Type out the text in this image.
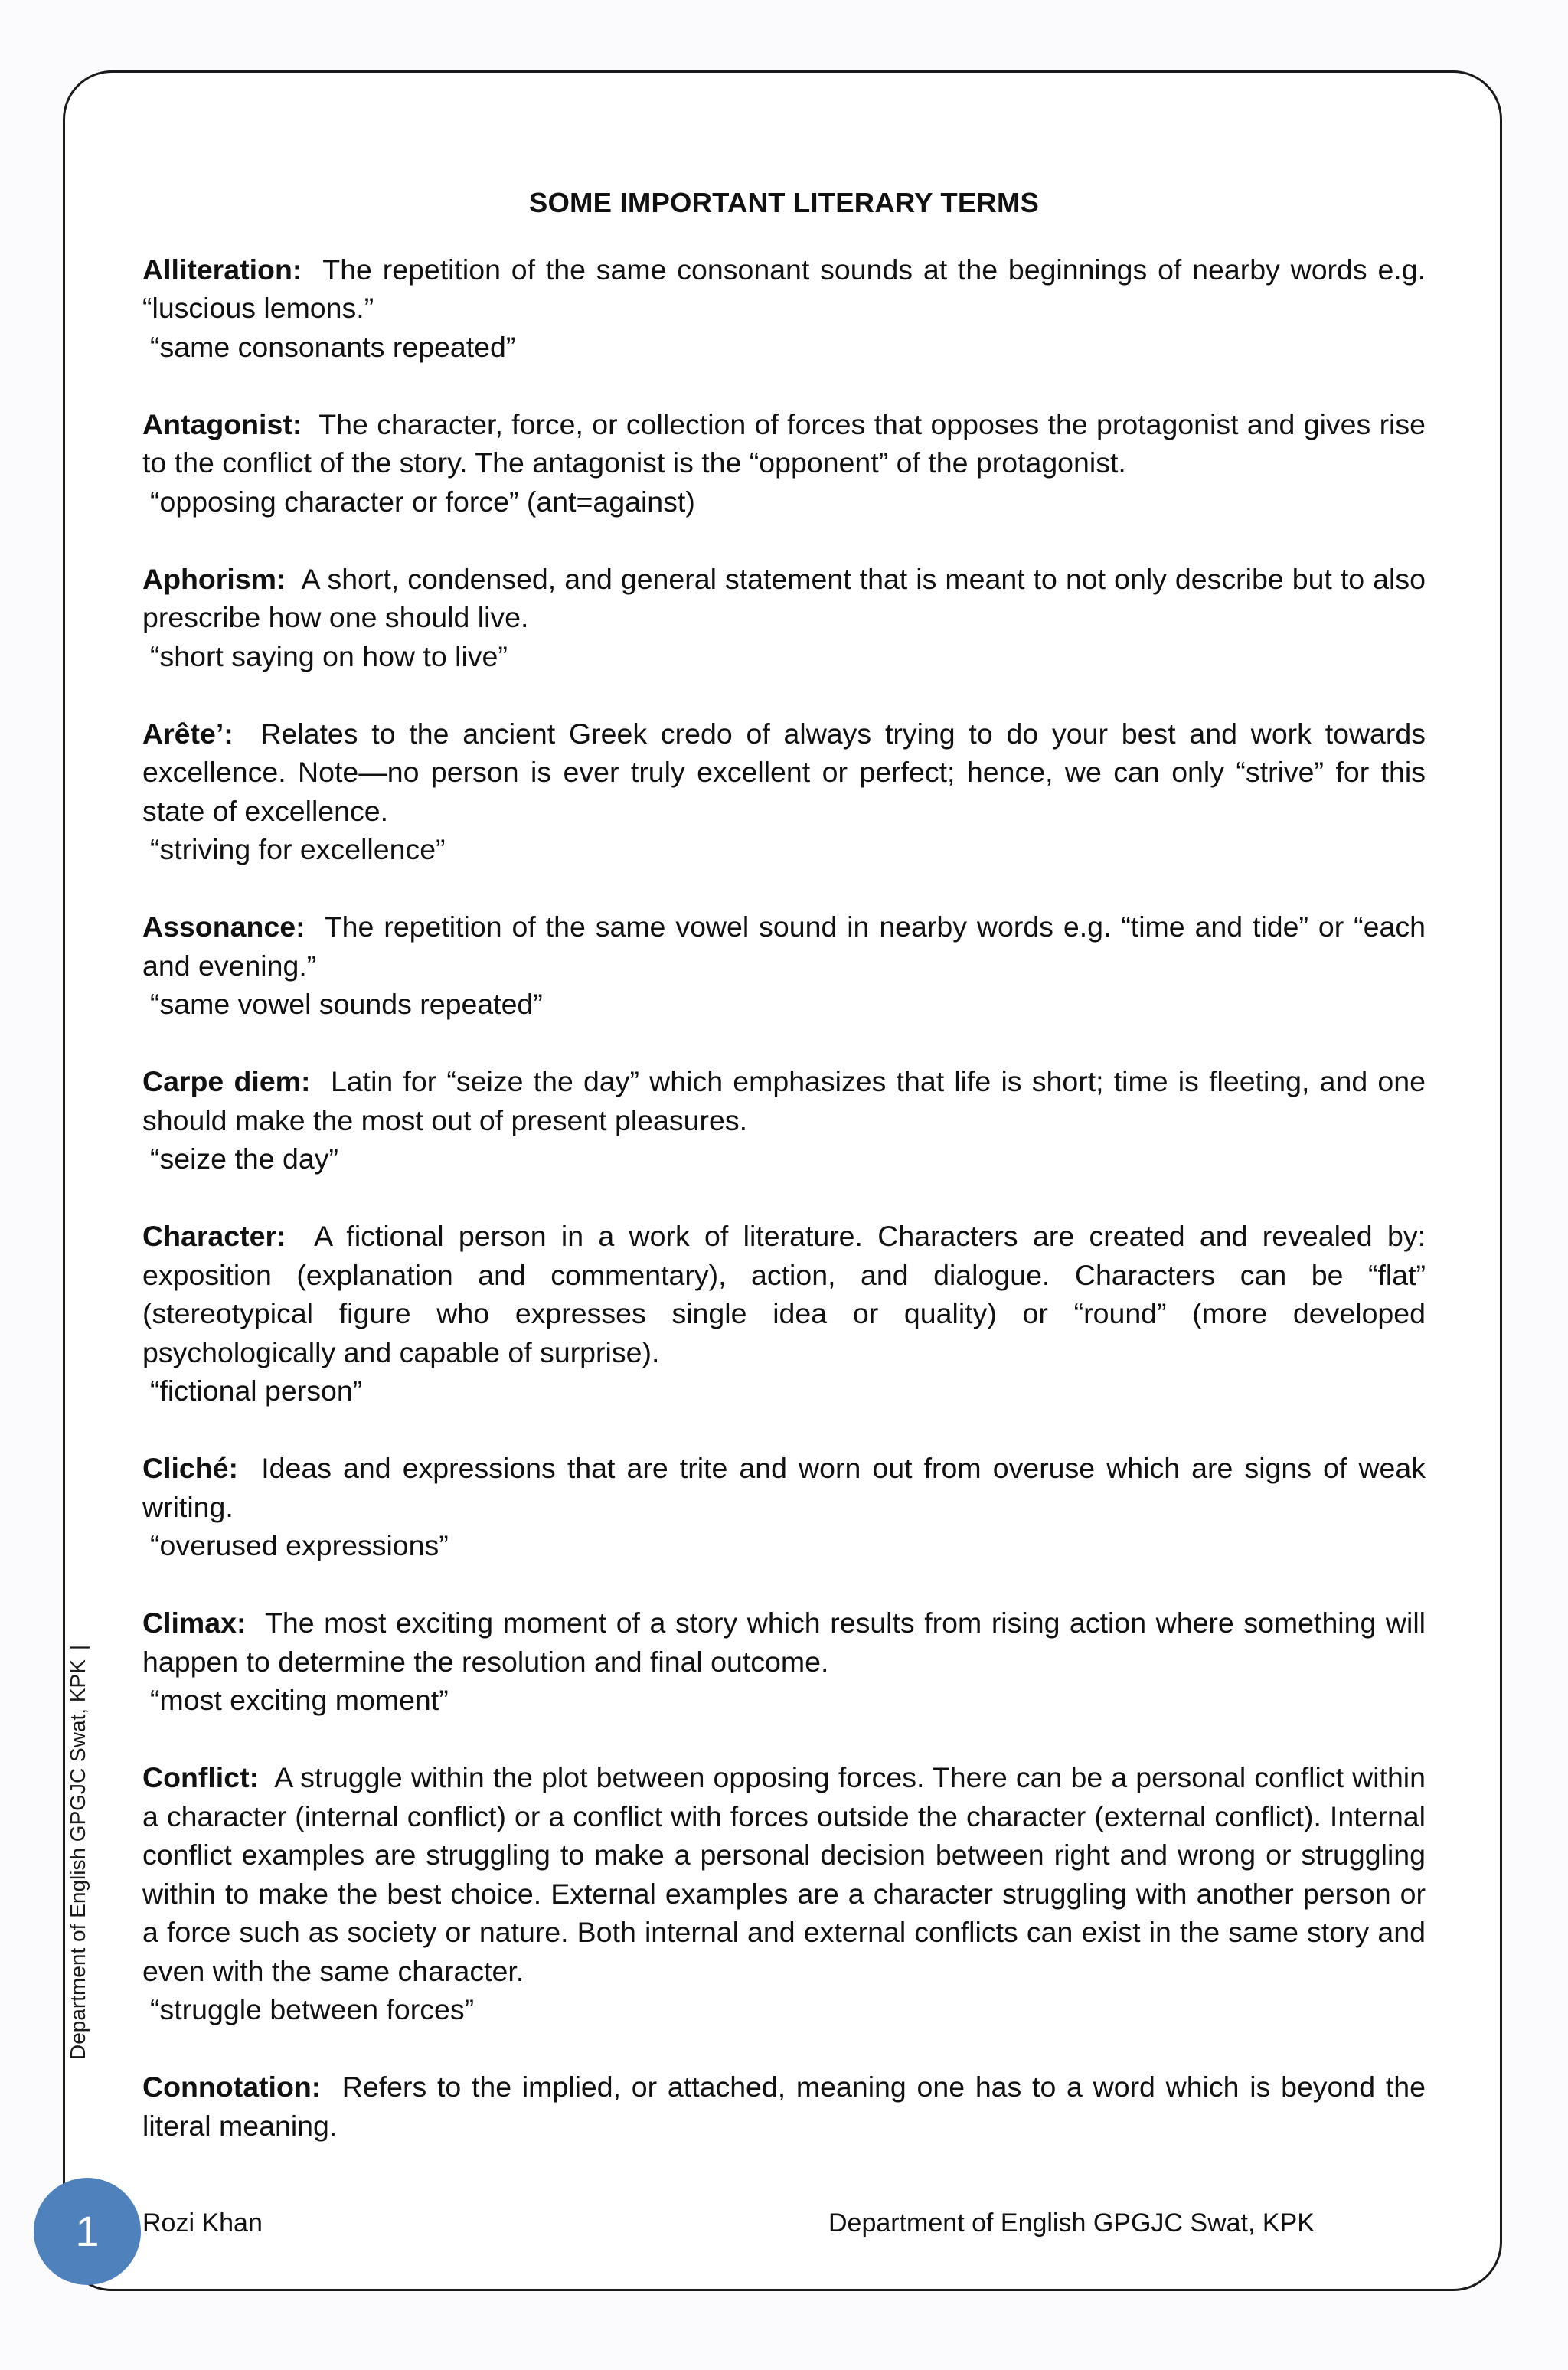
SOME IMPORTANT LITERARY TERMS
Alliteration: The repetition of the same consonant sounds at the beginnings of nearby words e.g. “luscious lemons.”
“same consonants repeated”
Antagonist: The character, force, or collection of forces that opposes the protagonist and gives rise to the conflict of the story. The antagonist is the “opponent” of the protagonist.
“opposing character or force” (ant=against)
Aphorism: A short, condensed, and general statement that is meant to not only describe but to also prescribe how one should live.
“short saying on how to live”
Arête’: Relates to the ancient Greek credo of always trying to do your best and work towards excellence. Note—no person is ever truly excellent or perfect; hence, we can only “strive” for this state of excellence.
“striving for excellence”
Assonance: The repetition of the same vowel sound in nearby words e.g. “time and tide” or “each and evening.”
“same vowel sounds repeated”
Carpe diem: Latin for “seize the day” which emphasizes that life is short; time is fleeting, and one should make the most out of present pleasures.
“seize the day”
Character: A fictional person in a work of literature. Characters are created and revealed by: exposition (explanation and commentary), action, and dialogue. Characters can be “flat” (stereotypical figure who expresses single idea or quality) or “round” (more developed psychologically and capable of surprise).
“fictional person”
Cliché: Ideas and expressions that are trite and worn out from overuse which are signs of weak writing.
“overused expressions”
Climax: The most exciting moment of a story which results from rising action where something will happen to determine the resolution and final outcome.
“most exciting moment”
Conflict: A struggle within the plot between opposing forces. There can be a personal conflict within a character (internal conflict) or a conflict with forces outside the character (external conflict). Internal conflict examples are struggling to make a personal decision between right and wrong or struggling within to make the best choice. External examples are a character struggling with another person or a force such as society or nature. Both internal and external conflicts can exist in the same story and even with the same character.
“struggle between forces”
Connotation: Refers to the implied, or attached, meaning one has to a word which is beyond the literal meaning.
Department of English GPGJC Swat, KPK|
1	Rozi Khan	Department of English GPGJC Swat, KPK
